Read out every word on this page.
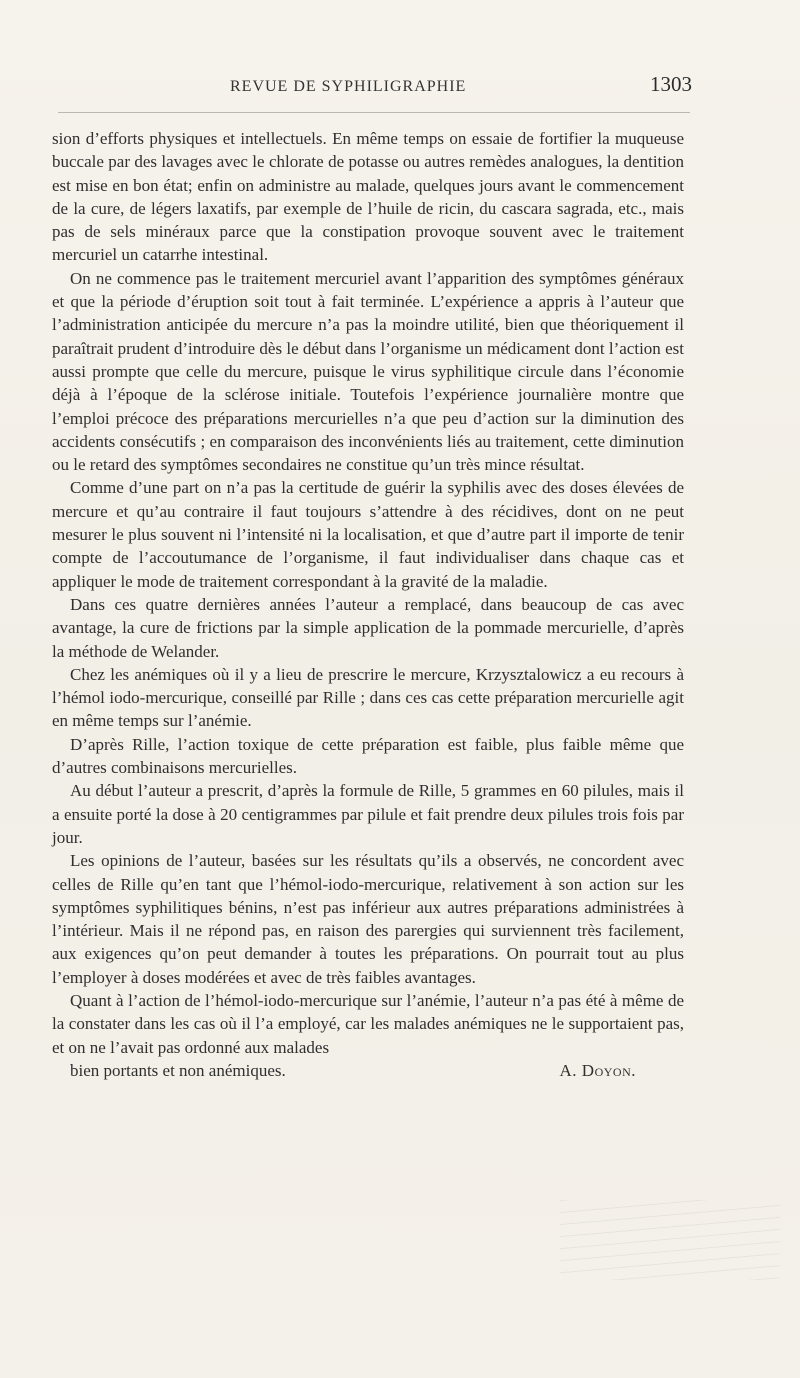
REVUE DE SYPHILIGRAPHIE	1303

sion d’efforts physiques et intellectuels. En même temps on essaie de fortifier la muqueuse buccale par des lavages avec le chlorate de potasse ou autres remèdes analogues, la dentition est mise en bon état; enfin on administre au malade, quelques jours avant le commencement de la cure, de légers laxatifs, par exemple de l’huile de ricin, du cascara sagrada, etc., mais pas de sels minéraux parce que la constipation provoque souvent avec le traitement mercuriel un catarrhe intestinal.

On ne commence pas le traitement mercuriel avant l’apparition des symptômes généraux et que la période d’éruption soit tout à fait terminée. L’expérience a appris à l’auteur que l’administration anticipée du mercure n’a pas la moindre utilité, bien que théoriquement il paraîtrait prudent d’introduire dès le début dans l’organisme un médicament dont l’action est aussi prompte que celle du mercure, puisque le virus syphilitique circule dans l’économie déjà à l’époque de la sclérose initiale. Toutefois l’expérience journalière montre que l’emploi précoce des préparations mercurielles n’a que peu d’action sur la diminution des accidents consécutifs ; en comparaison des inconvénients liés au traitement, cette diminution ou le retard des symptômes secondaires ne constitue qu’un très mince résultat.

Comme d’une part on n’a pas la certitude de guérir la syphilis avec des doses élevées de mercure et qu’au contraire il faut toujours s’attendre à des récidives, dont on ne peut mesurer le plus souvent ni l’intensité ni la localisation, et que d’autre part il importe de tenir compte de l’accoutumance de l’organisme, il faut individualiser dans chaque cas et appliquer le mode de traitement correspondant à la gravité de la maladie.

Dans ces quatre dernières années l’auteur a remplacé, dans beaucoup de cas avec avantage, la cure de frictions par la simple application de la pommade mercurielle, d’après la méthode de Welander.

Chez les anémiques où il y a lieu de prescrire le mercure, Krzysztalowicz a eu recours à l’hémol iodo-mercurique, conseillé par Rille ; dans ces cas cette préparation mercurielle agit en même temps sur l’anémie.

D’après Rille, l’action toxique de cette préparation est faible, plus faible même que d’autres combinaisons mercurielles.

Au début l’auteur a prescrit, d’après la formule de Rille, 5 grammes en 60 pilules, mais il a ensuite porté la dose à 20 centigrammes par pilule et fait prendre deux pilules trois fois par jour.

Les opinions de l’auteur, basées sur les résultats qu’ils a observés, ne concordent avec celles de Rille qu’en tant que l’hémol-iodo-mercurique, relativement à son action sur les symptômes syphilitiques bénins, n’est pas inférieur aux autres préparations administrées à l’intérieur. Mais il ne répond pas, en raison des parergies qui surviennent très facilement, aux exigences qu’on peut demander à toutes les préparations. On pourrait tout au plus l’employer à doses modérées et avec de très faibles avantages.

Quant à l’action de l’hémol-iodo-mercurique sur l’anémie, l’auteur n’a pas été à même de la constater dans les cas où il l’a employé, car les malades anémiques ne le supportaient pas, et on ne l’avait pas ordonné aux malades

bien portants et non anémiques.	A. Doyon.
